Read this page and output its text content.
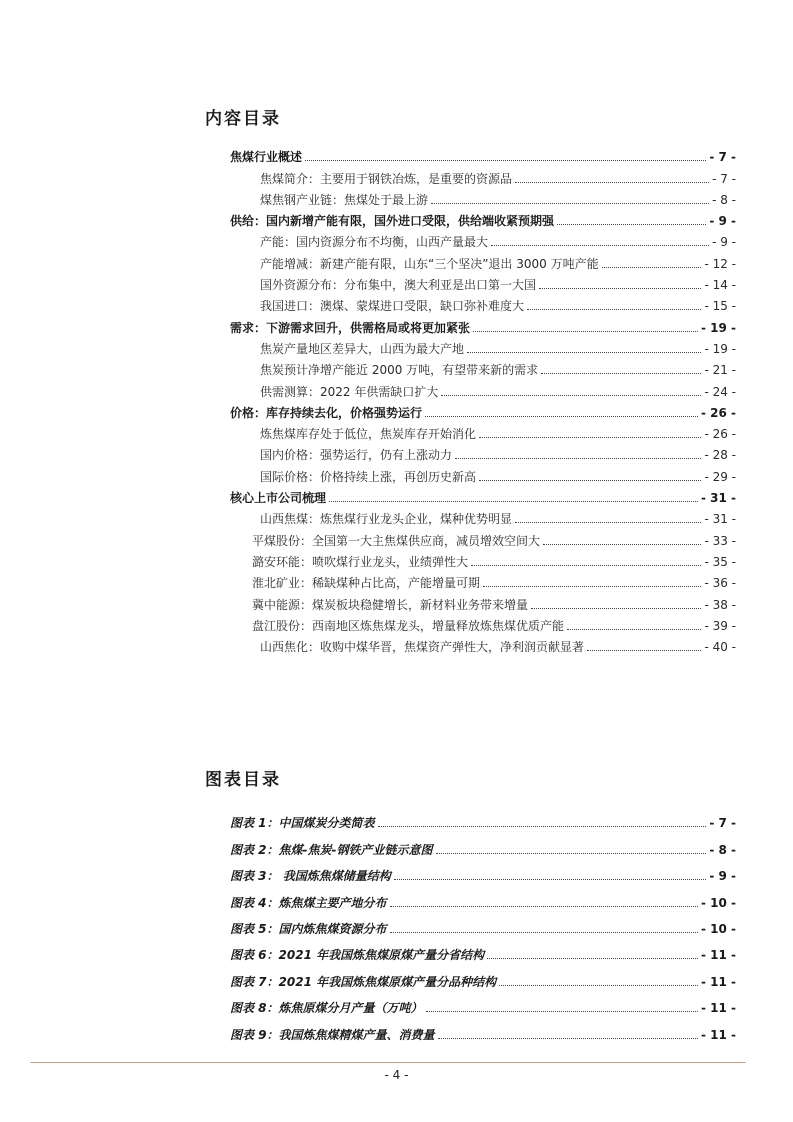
内容目录
焦煤行业概述	- 7 -
焦煤简介：主要用于钢铁冶炼，是重要的资源品	- 7 -
煤焦钢产业链：焦煤处于最上游	- 8 -
供给：国内新增产能有限，国外进口受限，供给端收紧预期强	- 9 -
产能：国内资源分布不均衡，山西产量最大	- 9 -
产能增减：新建产能有限，山东“三个坚决”退出 3000 万吨产能	- 12 -
国外资源分布：分布集中，澳大利亚是出口第一大国	- 14 -
我国进口：澳煤、蒙煤进口受限，缺口弥补难度大	- 15 -
需求：下游需求回升，供需格局或将更加紧张	- 19 -
焦炭产量地区差异大，山西为最大产地	- 19 -
焦炭预计净增产能近 2000 万吨，有望带来新的需求	- 21 -
供需测算：2022 年供需缺口扩大	- 24 -
价格：库存持续去化，价格强势运行	- 26 -
炼焦煤库存处于低位，焦炭库存开始消化	- 26 -
国内价格：强势运行，仍有上涨动力	- 28 -
国际价格：价格持续上涨，再创历史新高	- 29 -
核心上市公司梳理	- 31 -
山西焦煤：炼焦煤行业龙头企业，煤种优势明显	- 31 -
平煤股份：全国第一大主焦煤供应商，减员增效空间大	- 33 -
潞安环能：喷吹煤行业龙头，业绩弹性大	- 35 -
淮北矿业：稀缺煤种占比高，产能增量可期	- 36 -
冀中能源：煤炭板块稳健增长，新材料业务带来增量	- 38 -
盘江股份：西南地区炼焦煤龙头，增量释放炼焦煤优质产能	- 39 -
山西焦化：收购中煤华晋，焦煤资产弹性大，净利润贡献显著	- 40 -
图表目录
图表 1：中国煤炭分类简表	- 7 -
图表 2：焦煤-焦炭-钢铁产业链示意图	- 8 -
图表 3： 我国炼焦煤储量结构	- 9 -
图表 4：炼焦煤主要产地分布	- 10 -
图表 5：国内炼焦煤资源分布	- 10 -
图表 6：2021 年我国炼焦煤原煤产量分省结构	- 11 -
图表 7：2021 年我国炼焦煤原煤产量分品种结构	- 11 -
图表 8：炼焦原煤分月产量（万吨）	- 11 -
图表 9：我国炼焦煤精煤产量、消费量	- 11 -
- 4 -
